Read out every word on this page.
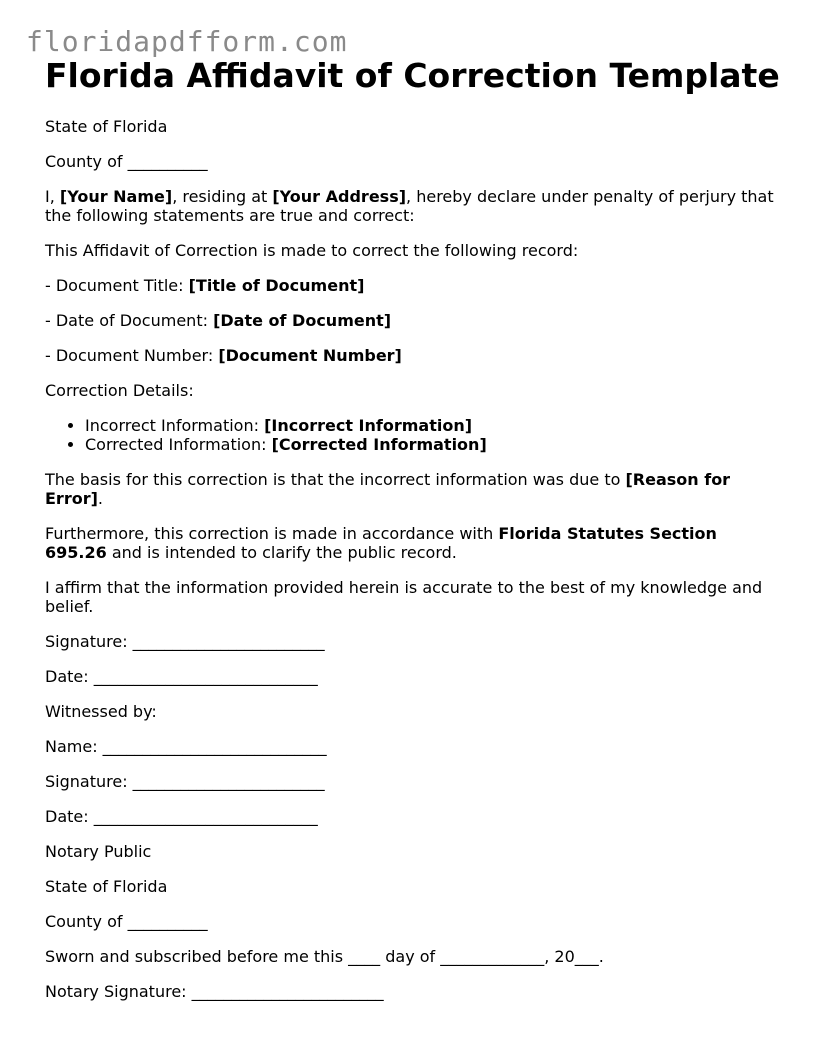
floridapdfform.com
Florida Affidavit of Correction Template

State of Florida

County of __________

I, [Your Name], residing at [Your Address], hereby declare under penalty of perjury that the following statements are true and correct:

This Affidavit of Correction is made to correct the following record:

- Document Title: [Title of Document]

- Date of Document: [Date of Document]

- Document Number: [Document Number]

Correction Details:

• Incorrect Information: [Incorrect Information]
• Corrected Information: [Corrected Information]

The basis for this correction is that the incorrect information was due to [Reason for Error].

Furthermore, this correction is made in accordance with Florida Statutes Section 695.26 and is intended to clarify the public record.

I affirm that the information provided herein is accurate to the best of my knowledge and belief.

Signature: ________________________

Date: ____________________________

Witnessed by:

Name: ____________________________

Signature: ________________________

Date: ____________________________

Notary Public

State of Florida

County of __________

Sworn and subscribed before me this ____ day of _____________, 20___.

Notary Signature: ________________________
